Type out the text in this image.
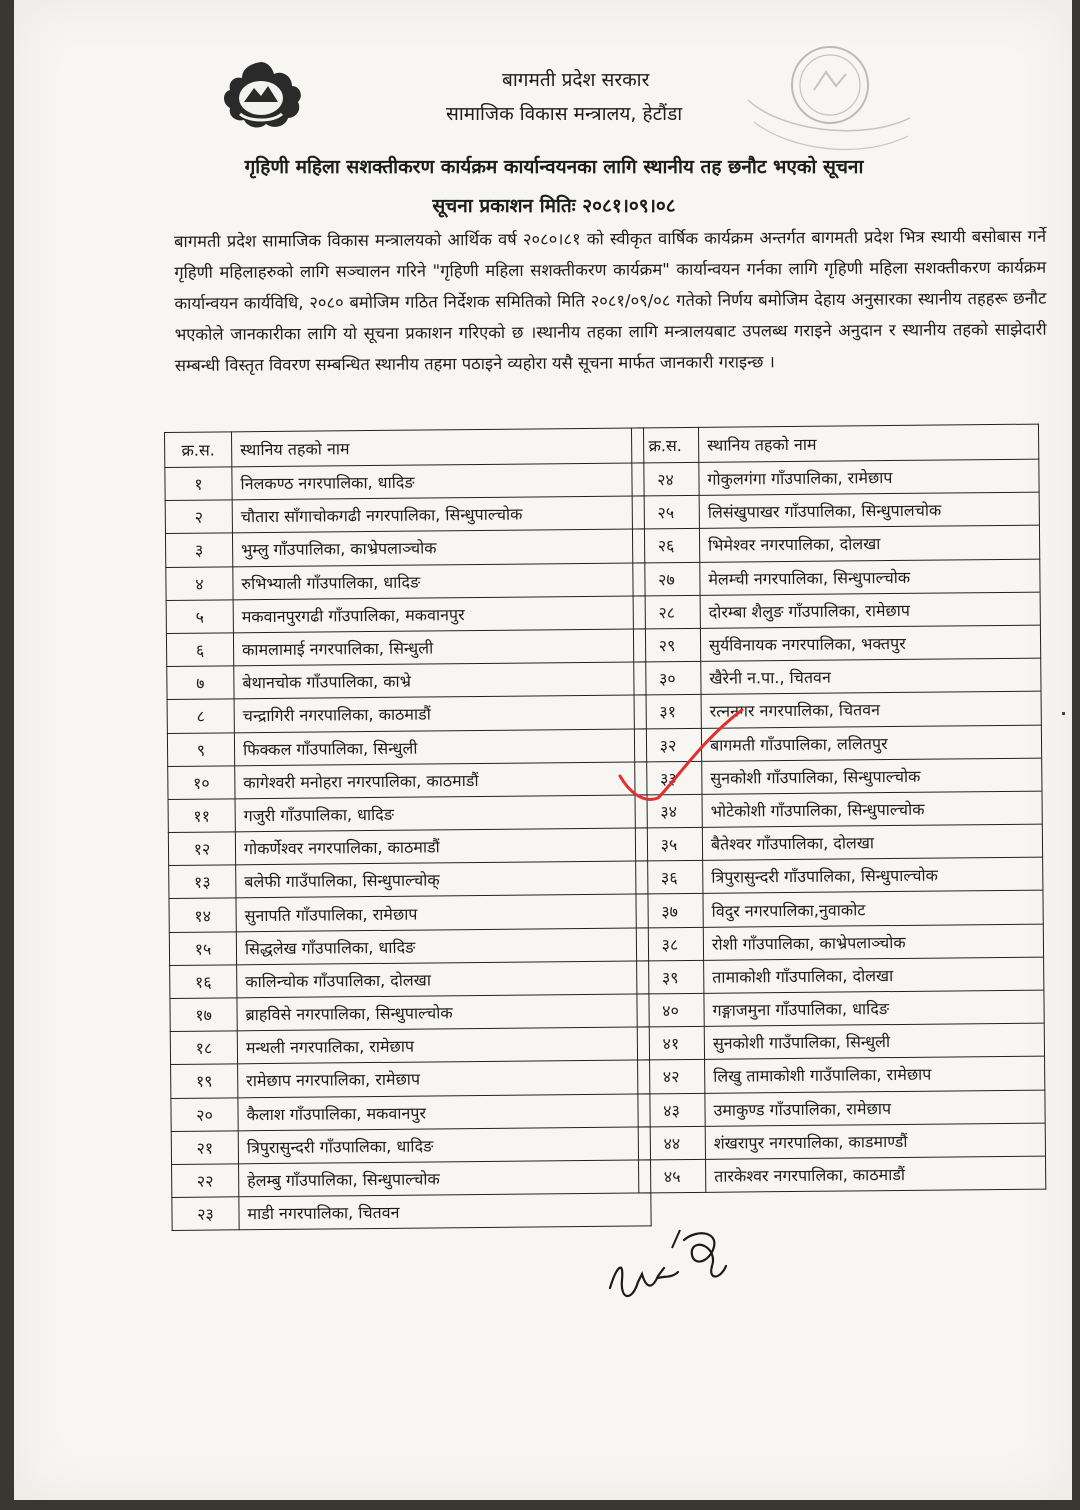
बागमती प्रदेश सरकार
सामाजिक विकास मन्त्रालय, हेटौंडा
गृहिणी महिला सशक्तीकरण कार्यक्रम कार्यान्वयनका लागि स्थानीय तह छनौट भएको सूचना
सूचना प्रकाशन मितिः २०८१।०९।०८
बागमती प्रदेश सामाजिक विकास मन्त्रालयको आर्थिक वर्ष २०८०।८१ को स्वीकृत वार्षिक कार्यक्रम अन्तर्गत बागमती प्रदेश भित्र स्थायी बसोबास गर्ने गृहिणी महिलाहरुको लागि सञ्चालन गरिने "गृहिणी महिला सशक्तीकरण कार्यक्रम" कार्यान्वयन गर्नका लागि गृहिणी महिला सशक्तीकरण कार्यक्रम कार्यान्वयन कार्यविधि, २०८० बमोजिम गठित निर्देशक समितिको मिति २०८१/०९/०८ गतेको निर्णय बमोजिम देहाय अनुसारका स्थानीय तहहरू छनौट भएकोले जानकारीका लागि यो सूचना प्रकाशन गरिएको छ ।स्थानीय तहका लागि मन्त्रालयबाट उपलब्ध गराइने अनुदान र स्थानीय तहको साझेदारी सम्बन्धी विस्तृत विवरण सम्बन्धित स्थानीय तहमा पठाइने व्यहोरा यसै सूचना मार्फत जानकारी गराइन्छ ।
क्र.स.	स्थानिय तहको नाम
१	निलकण्ठ नगरपालिका, धादिङ
२	चौतारा साँगाचोकगढी नगरपालिका, सिन्धुपाल्चोक
३	भुम्लु गाँउपालिका, काभ्रेपलाञ्चोक
४	रुभिभ्याली गाँउपालिका, धादिङ
५	मकवानपुरगढी गाँउपालिका, मकवानपुर
६	कामलामाई नगरपालिका, सिन्धुली
७	बेथानचोक गाँउपालिका, काभ्रे
८	चन्द्रागिरी नगरपालिका, काठमाडौं
९	फिक्कल गाँउपालिका, सिन्धुली
१०	कागेश्वरी मनोहरा नगरपालिका, काठमाडौं
११	गजुरी गाँउपालिका, धादिङ
१२	गोकर्णेश्वर नगरपालिका, काठमाडौं
१३	बलेफी गाउँपालिका, सिन्धुपाल्चोक्
१४	सुनापति गाँउपालिका, रामेछाप
१५	सिद्धलेख गाँउपालिका, धादिङ
१६	कालिन्चोक गाँउपालिका, दोलखा
१७	ब्राहविसे नगरपालिका, सिन्धुपाल्चोक
१८	मन्थली नगरपालिका, रामेछाप
१९	रामेछाप नगरपालिका, रामेछाप
२०	कैलाश गाँउपालिका, मकवानपुर
२१	त्रिपुरासुन्दरी गाँउपालिका, धादिङ
२२	हेलम्बु गाँउपालिका, सिन्धुपाल्चोक
२३	माडी नगरपालिका, चितवन
क्र.स.	स्थानिय तहको नाम
२४	गोकुलगंगा गाँउपालिका, रामेछाप
२५	लिसंखुपाखर गाँउपालिका, सिन्धुपालचोक
२६	भिमेश्वर नगरपालिका, दोलखा
२७	मेलम्ची नगरपालिका, सिन्धुपाल्चोक
२८	दोरम्बा शैलुङ गाँउपालिका, रामेछाप
२९	सुर्यविनायक नगरपालिका, भक्तपुर
३०	खैरेनी न.पा., चितवन
३१	रत्ननगर नगरपालिका, चितवन
३२	बागमती गाँउपालिका, ललितपुर
३३	सुनकोशी गाँउपालिका, सिन्धुपाल्चोक
३४	भोटेकोशी गाँउपालिका, सिन्धुपाल्चोक
३५	बैतेश्वर गाँउपालिका, दोलखा
३६	त्रिपुरासुन्दरी गाँउपालिका, सिन्धुपाल्चोक
३७	विदुर नगरपालिका,नुवाकोट
३८	रोशी गाँउपालिका, काभ्रेपलाञ्चोक
३९	तामाकोशी गाँउपालिका, दोलखा
४०	गङ्गाजमुना गाँउपालिका, धादिङ
४१	सुनकोशी गाउँपालिका, सिन्धुली
४२	लिखु तामाकोशी गाउँपालिका, रामेछाप
४३	उमाकुण्ड गाँउपालिका, रामेछाप
४४	शंखरापुर नगरपालिका, काडमाण्डौं
४५	तारकेश्वर नगरपालिका, काठमाडौं
